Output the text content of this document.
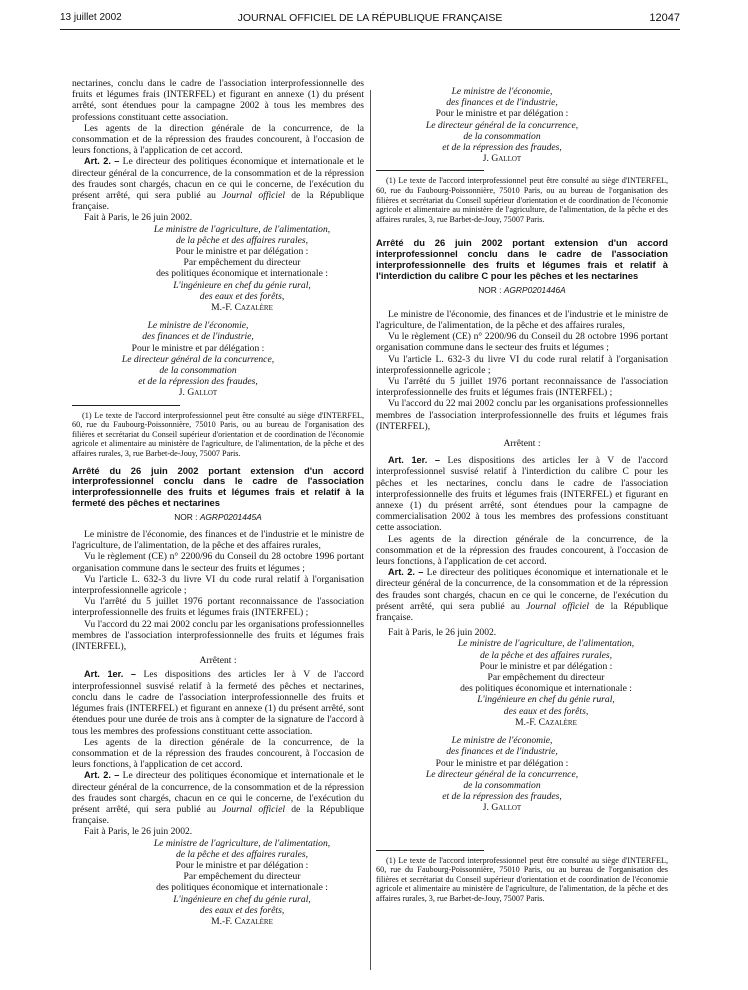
13 juillet 2002	JOURNAL OFFICIEL DE LA RÉPUBLIQUE FRANÇAISE	12047

nectarines, conclu dans le cadre de l'association interprofessionnelle des fruits et légumes frais (INTERFEL) et figurant en annexe (1) du présent arrêté, sont étendues pour la campagne 2002 à tous les membres des professions constituant cette association.

Les agents de la direction générale de la concurrence, de la consommation et de la répression des fraudes concourent, à l'occasion de leurs fonctions, à l'application de cet accord.

Art. 2. – Le directeur des politiques économique et internationale et le directeur général de la concurrence, de la consommation et de la répression des fraudes sont chargés, chacun en ce qui le concerne, de l'exécution du présent arrêté, qui sera publié au Journal officiel de la République française.

Fait à Paris, le 26 juin 2002.

Le ministre de l'agriculture, de l'alimentation,
de la pêche et des affaires rurales,
Pour le ministre et par délégation :
Par empêchement du directeur
des politiques économique et internationale :
L'ingénieure en chef du génie rural,
des eaux et des forêts,
M.-F. Cazalère
Le ministre de l'économie,
des finances et de l'industrie,
Pour le ministre et par délégation :
Le directeur général de la concurrence,
de la consommation
et de la répression des fraudes,
J. Gallot

(1) Le texte de l'accord interprofessionnel peut être consulté au siège d'INTERFEL, 60, rue du Faubourg-Poissonnière, 75010 Paris, ou au bureau de l'organisation des filières et secrétariat du Conseil supérieur d'orientation et de coordination de l'économie agricole et alimentaire au ministère de l'agriculture, de l'alimentation, de la pêche et des affaires rurales, 3, rue Barbet-de-Jouy, 75007 Paris.

Arrêté du 26 juin 2002 portant extension d'un accord interprofessionnel conclu dans le cadre de l'association interprofessionnelle des fruits et légumes frais et relatif à la fermeté des pêches et nectarines

NOR : AGRP0201445A

Le ministre de l'économie, des finances et de l'industrie et le ministre de l'agriculture, de l'alimentation, de la pêche et des affaires rurales,

Vu le règlement (CE) n° 2200/96 du Conseil du 28 octobre 1996 portant organisation commune dans le secteur des fruits et légumes ;

Vu l'article L. 632-3 du livre VI du code rural relatif à l'organisation interprofessionnelle agricole ;

Vu l'arrêté du 5 juillet 1976 portant reconnaissance de l'association interprofessionnelle des fruits et légumes frais (INTERFEL) ;

Vu l'accord du 22 mai 2002 conclu par les organisations professionnelles membres de l'association interprofessionnelle des fruits et légumes frais (INTERFEL),

Arrêtent :

Art. 1er. – Les dispositions des articles Ier à V de l'accord interprofessionnel susvisé relatif à la fermeté des pêches et nectarines, conclu dans le cadre de l'association interprofessionnelle des fruits et légumes frais (INTERFEL) et figurant en annexe (1) du présent arrêté, sont étendues pour une durée de trois ans à compter de la signature de l'accord à tous les membres des professions constituant cette association.

Les agents de la direction générale de la concurrence, de la consommation et de la répression des fraudes concourent, à l'occasion de leurs fonctions, à l'application de cet accord.

Art. 2. – Le directeur des politiques économique et internationale et le directeur général de la concurrence, de la consommation et de la répression des fraudes sont chargés, chacun en ce qui le concerne, de l'exécution du présent arrêté, qui sera publié au Journal officiel de la République française.

Fait à Paris, le 26 juin 2002.

Le ministre de l'agriculture, de l'alimentation,
de la pêche et des affaires rurales,
Pour le ministre et par délégation :
Par empêchement du directeur
des politiques économique et internationale :
L'ingénieure en chef du génie rural,
des eaux et des forêts,
M.-F. Cazalère
Le ministre de l'économie,
des finances et de l'industrie,
Pour le ministre et par délégation :
Le directeur général de la concurrence,
de la consommation
et de la répression des fraudes,
J. Gallot

(1) Le texte de l'accord interprofessionnel peut être consulté au siège d'INTERFEL, 60, rue du Faubourg-Poissonnière, 75010 Paris, ou au bureau de l'organisation des filières et secrétariat du Conseil supérieur d'orientation et de coordination de l'économie agricole et alimentaire au ministère de l'agriculture, de l'alimentation, de la pêche et des affaires rurales, 3, rue Barbet-de-Jouy, 75007 Paris.

Arrêté du 26 juin 2002 portant extension d'un accord interprofessionnel conclu dans le cadre de l'association interprofessionnelle des fruits et légumes frais et relatif à l'interdiction du calibre C pour les pêches et les nectarines

NOR : AGRP0201446A

Le ministre de l'économie, des finances et de l'industrie et le ministre de l'agriculture, de l'alimentation, de la pêche et des affaires rurales,

Vu le règlement (CE) n° 2200/96 du Conseil du 28 octobre 1996 portant organisation commune dans le secteur des fruits et légumes ;

Vu l'article L. 632-3 du livre VI du code rural relatif à l'organisation interprofessionnelle agricole ;

Vu l'arrêté du 5 juillet 1976 portant reconnaissance de l'association interprofessionnelle des fruits et légumes frais (INTERFEL) ;

Vu l'accord du 22 mai 2002 conclu par les organisations professionnelles membres de l'association interprofessionnelle des fruits et légumes frais (INTERFEL),

Arrêtent :

Art. 1er. – Les dispositions des articles Ier à V de l'accord interprofessionnel susvisé relatif à l'interdiction du calibre C pour les pêches et les nectarines, conclu dans le cadre de l'association interprofessionnelle des fruits et légumes frais (INTERFEL) et figurant en annexe (1) du présent arrêté, sont étendues pour la campagne de commercialisation 2002 à tous les membres des professions constituant cette association.

Les agents de la direction générale de la concurrence, de la consommation et de la répression des fraudes concourent, à l'occasion de leurs fonctions, à l'application de cet accord.

Art. 2. – Le directeur des politiques économique et internationale et le directeur général de la concurrence, de la consommation et de la répression des fraudes sont chargés, chacun en ce qui le concerne, de l'exécution du présent arrêté, qui sera publié au Journal officiel de la République française.

Fait à Paris, le 26 juin 2002.

Le ministre de l'agriculture, de l'alimentation,
de la pêche et des affaires rurales,
Pour le ministre et par délégation :
Par empêchement du directeur
des politiques économique et internationale :
L'ingénieure en chef du génie rural,
des eaux et des forêts,
M.-F. Cazalère
Le ministre de l'économie,
des finances et de l'industrie,
Pour le ministre et par délégation :
Le directeur général de la concurrence,
de la consommation
et de la répression des fraudes,
J. Gallot

(1) Le texte de l'accord interprofessionnel peut être consulté au siège d'INTERFEL, 60, rue du Faubourg-Poissonnière, 75010 Paris, ou au bureau de l'organisation des filières et secrétariat du Conseil supérieur d'orientation et de coordination de l'économie agricole et alimentaire au ministère de l'agriculture, de l'alimentation, de la pêche et des affaires rurales, 3, rue Barbet-de-Jouy, 75007 Paris.
